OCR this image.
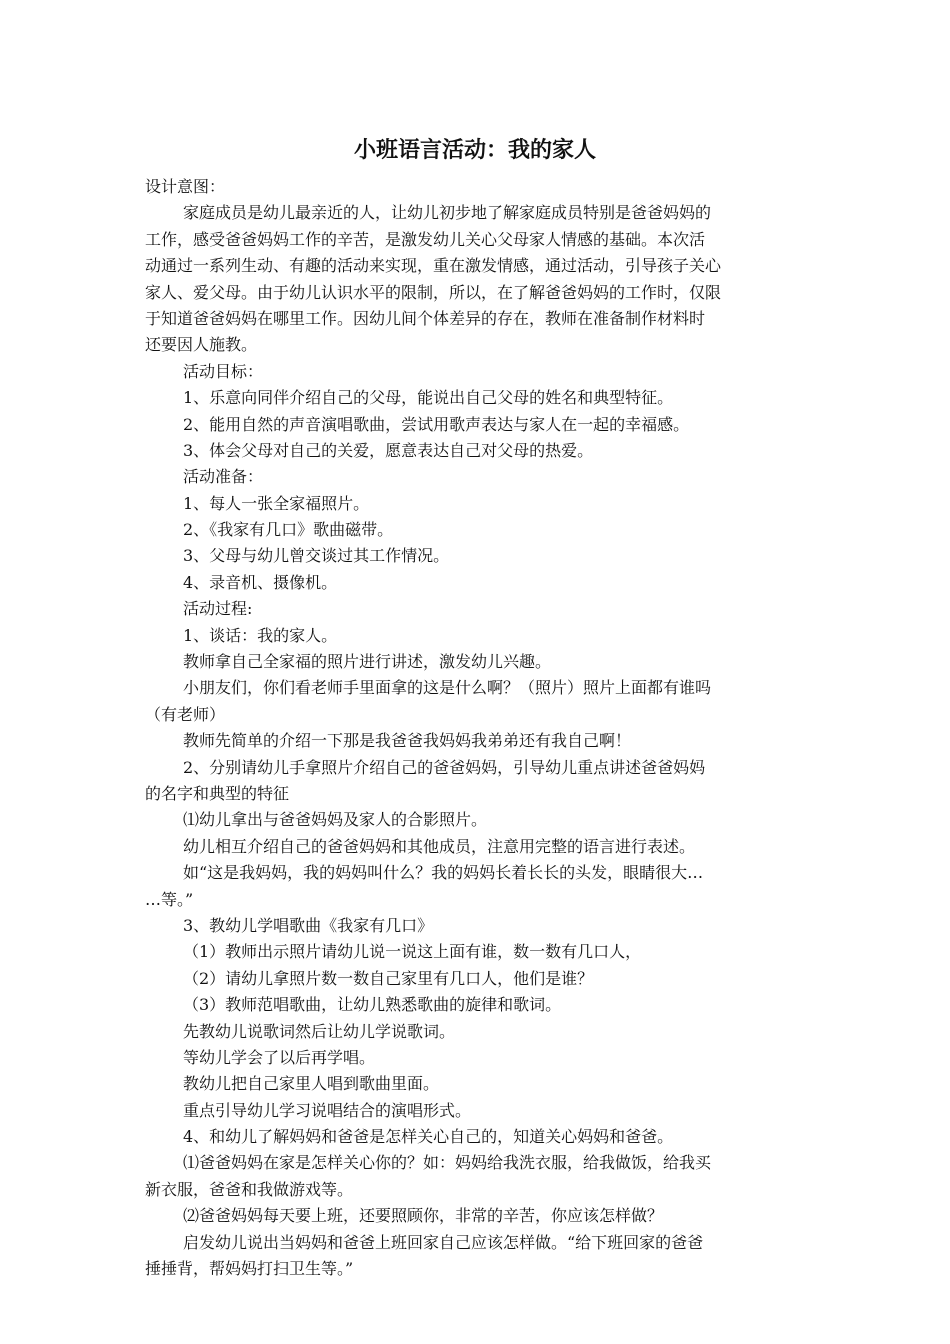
小班语言活动：我的家人
设计意图：
家庭成员是幼儿最亲近的人，让幼儿初步地了解家庭成员特别是爸爸妈妈的
工作，感受爸爸妈妈工作的辛苦，是激发幼儿关心父母家人情感的基础。本次活
动通过一系列生动、有趣的活动来实现，重在激发情感，通过活动，引导孩子关心
家人、爱父母。由于幼儿认识水平的限制，所以，在了解爸爸妈妈的工作时，仅限
于知道爸爸妈妈在哪里工作。因幼儿间个体差异的存在，教师在准备制作材料时
还要因人施教。
活动目标：
1、乐意向同伴介绍自己的父母，能说出自己父母的姓名和典型特征。
2、能用自然的声音演唱歌曲，尝试用歌声表达与家人在一起的幸福感。
3、体会父母对自己的关爱，愿意表达自己对父母的热爱。
活动准备：
1、每人一张全家福照片。
2、《我家有几口》歌曲磁带。
3、父母与幼儿曾交谈过其工作情况。
4、录音机、摄像机。
活动过程:
1、谈话：我的家人。
教师拿自己全家福的照片进行讲述，激发幼儿兴趣。
小朋友们，你们看老师手里面拿的这是什么啊？（照片）照片上面都有谁吗
（有老师）
教师先简单的介绍一下那是我爸爸我妈妈我弟弟还有我自己啊！
2、分别请幼儿手拿照片介绍自己的爸爸妈妈，引导幼儿重点讲述爸爸妈妈
的名字和典型的特征
⑴幼儿拿出与爸爸妈妈及家人的合影照片。
幼儿相互介绍自己的爸爸妈妈和其他成员，注意用完整的语言进行表述。
如“这是我妈妈，我的妈妈叫什么？我的妈妈长着长长的头发，眼睛很大…
…等。”
3、教幼儿学唱歌曲《我家有几口》
（1）教师出示照片请幼儿说一说这上面有谁，数一数有几口人，
（2）请幼儿拿照片数一数自己家里有几口人，他们是谁？
（3）教师范唱歌曲，让幼儿熟悉歌曲的旋律和歌词。
先教幼儿说歌词然后让幼儿学说歌词。
等幼儿学会了以后再学唱。
教幼儿把自己家里人唱到歌曲里面。
重点引导幼儿学习说唱结合的演唱形式。
4、和幼儿了解妈妈和爸爸是怎样关心自己的，知道关心妈妈和爸爸。
⑴爸爸妈妈在家是怎样关心你的？如：妈妈给我洗衣服，给我做饭，给我买
新衣服，爸爸和我做游戏等。
⑵爸爸妈妈每天要上班，还要照顾你，非常的辛苦，你应该怎样做？
启发幼儿说出当妈妈和爸爸上班回家自己应该怎样做。“给下班回家的爸爸
捶捶背，帮妈妈打扫卫生等。”
